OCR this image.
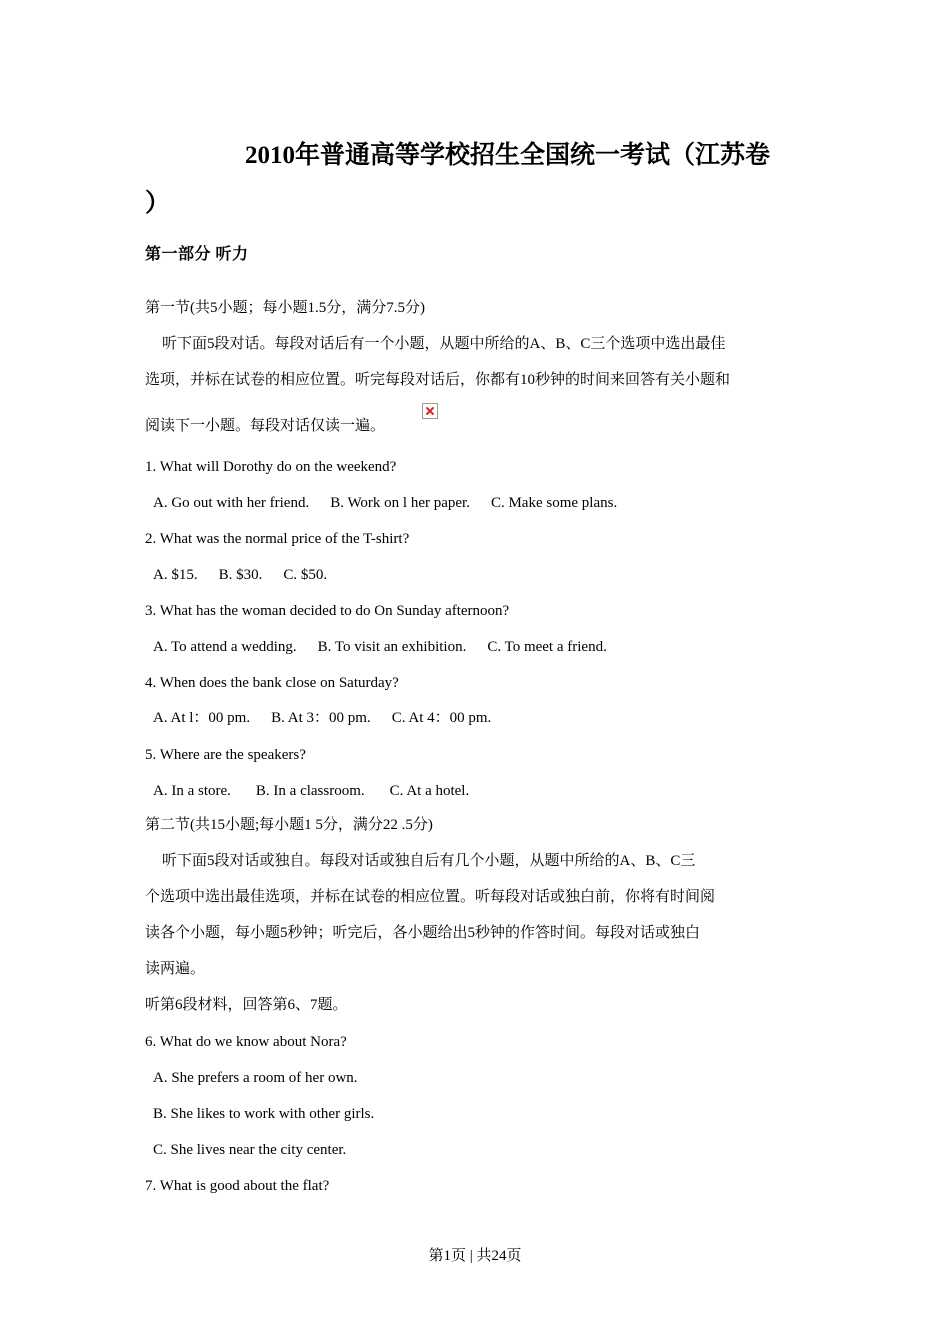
2010年普通高等学校招生全国统一考试（江苏卷
）
第一部分 听力
第一节(共5小题；每小题1.5分，满分7.5分)
听下面5段对话。每段对话后有一个小题，从题中所给的A、B、C三个选项中选出最佳
选项，并标在试卷的相应位置。听完每段对话后，你都有10秒钟的时间来回答有关小题和
阅读下一小题。每段对话仅读一遍。
1. What will Dorothy do on the weekend?
A. Go out with her friend. B. Work on l her paper. C. Make some plans.
2. What was the normal price of the T-shirt?
A. $15. B. $30. C. $50.
3. What has the woman decided to do On Sunday afternoon?
A. To attend a wedding. B. To visit an exhibition. C. To meet a friend.
4. When does the bank close on Saturday?
A. At l：00 pm. B. At 3：00 pm. C. At 4：00 pm.
5. Where are the speakers?
A. In a store. B. In a classroom. C. At a hotel.
第二节(共15小题;每小题1 5分，满分22 .5分)
听下面5段对话或独自。每段对话或独自后有几个小题，从题中所给的A、B、C三
个选项中选出最佳选项，并标在试卷的相应位置。听每段对话或独白前，你将有时间阅
读各个小题，每小题5秒钟；听完后，各小题给出5秒钟的作答时间。每段对话或独白
读两遍。
听第6段材料，回答第6、7题。
6. What do we know about Nora?
A. She prefers a room of her own.
B. She likes to work with other girls.
C. She lives near the city center.
7. What is good about the flat?
第1页 | 共24页
